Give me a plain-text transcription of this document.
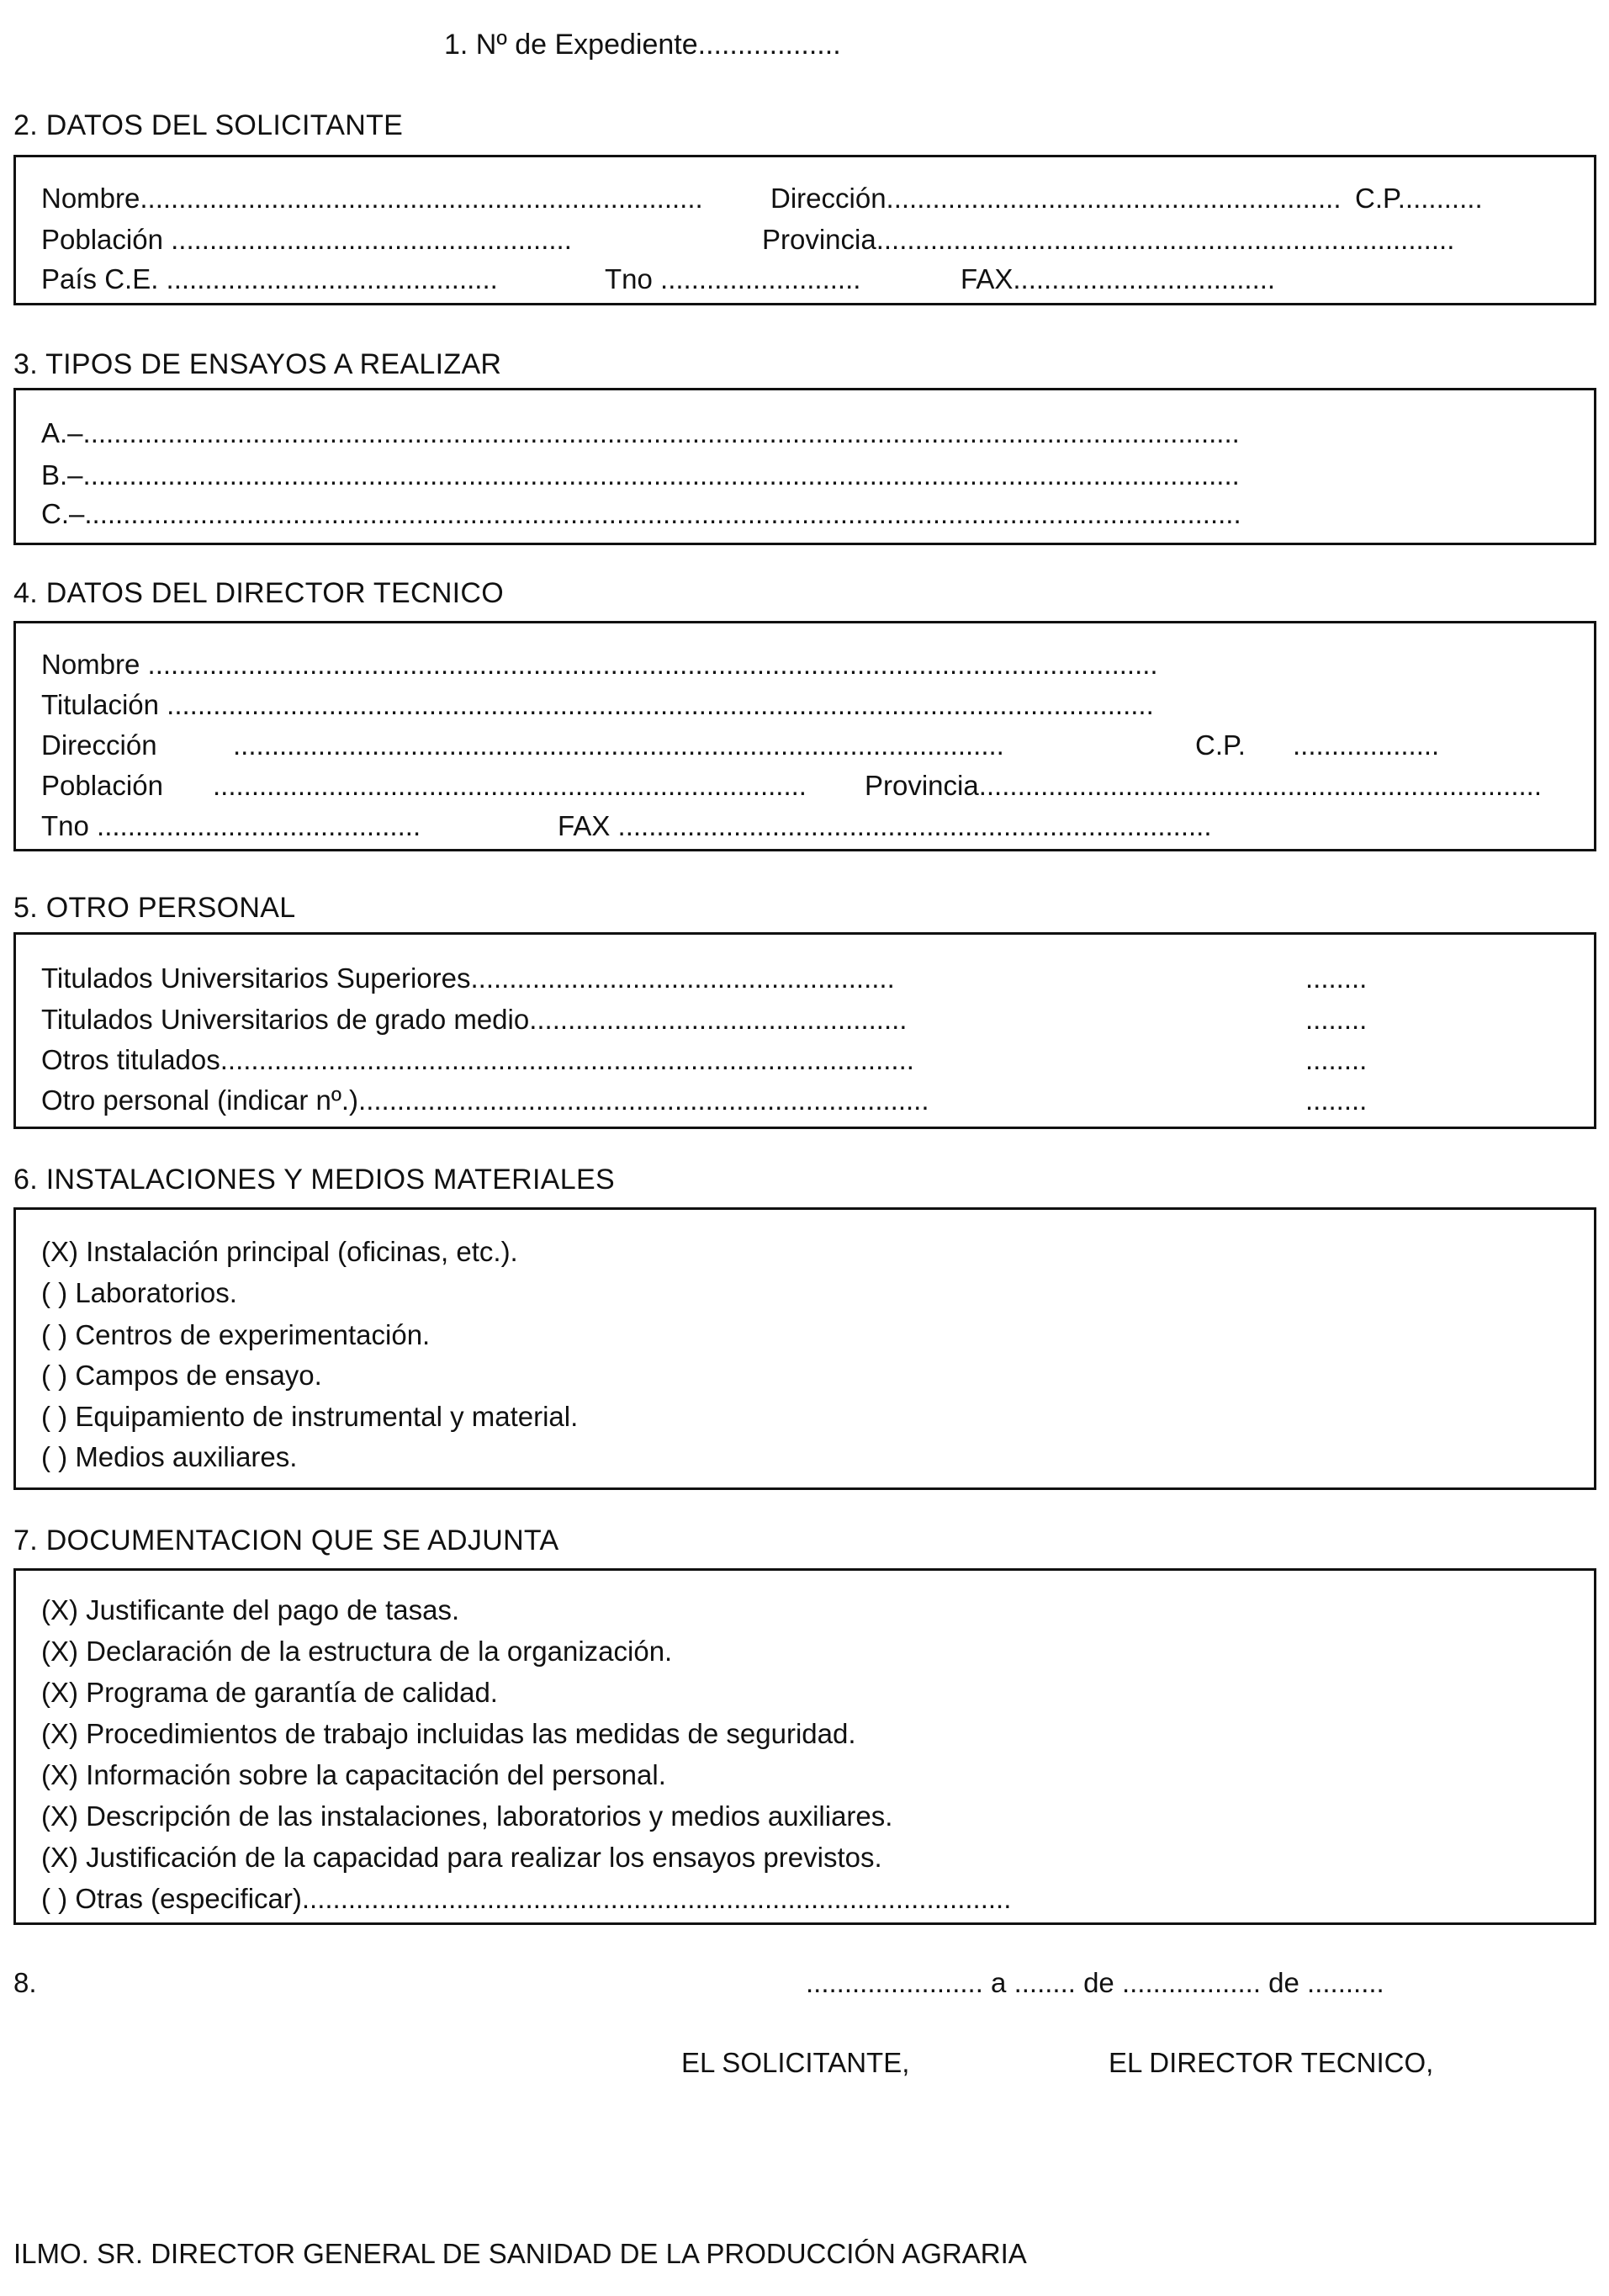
1. Nº de Expediente..................
2. DATOS DEL SOLICITANTE
Nombre......................................................................... Dirección........................................................... C.P...........
Población ....................................................	Provincia...........................................................................
País C.E. ...........................................	Tno ..........................	FAX..................................
3. TIPOS DE ENSAYOS A REALIZAR
A.–......................................................................................................................................................
B.–......................................................................................................................................................
C.–......................................................................................................................................................
4. DATOS DEL DIRECTOR TECNICO
Nombre ...................................................................................................................................
Titulación ................................................................................................................................
Dirección	....................................................................................................	C.P. ...................
Población ............................................................................. Provincia.........................................................................
Tno ..........................................	FAX .............................................................................
5. OTRO PERSONAL
Titulados Universitarios Superiores.......................................................	........
Titulados Universitarios de grado medio.................................................	........
Otros titulados..........................................................................................	........
Otro personal (indicar nº.)..........................................................................	........
6. INSTALACIONES Y MEDIOS MATERIALES
(X) Instalación principal (oficinas, etc.).
( ) Laboratorios.
( ) Centros de experimentación.
( ) Campos de ensayo.
( ) Equipamiento de instrumental y material.
( ) Medios auxiliares.
7. DOCUMENTACION QUE SE ADJUNTA
(X) Justificante del pago de tasas.
(X) Declaración de la estructura de la organización.
(X) Programa de garantía de calidad.
(X) Procedimientos de trabajo incluidas las medidas de seguridad.
(X) Información sobre la capacitación del personal.
(X) Descripción de las instalaciones, laboratorios y medios auxiliares.
(X) Justificación de la capacidad para realizar los ensayos previstos.
( ) Otras (especificar)............................................................................................
8.	....................... a ........ de .................. de ..........
EL SOLICITANTE,	EL DIRECTOR TECNICO,
ILMO. SR. DIRECTOR GENERAL DE SANIDAD DE LA PRODUCCIÓN AGRARIA
